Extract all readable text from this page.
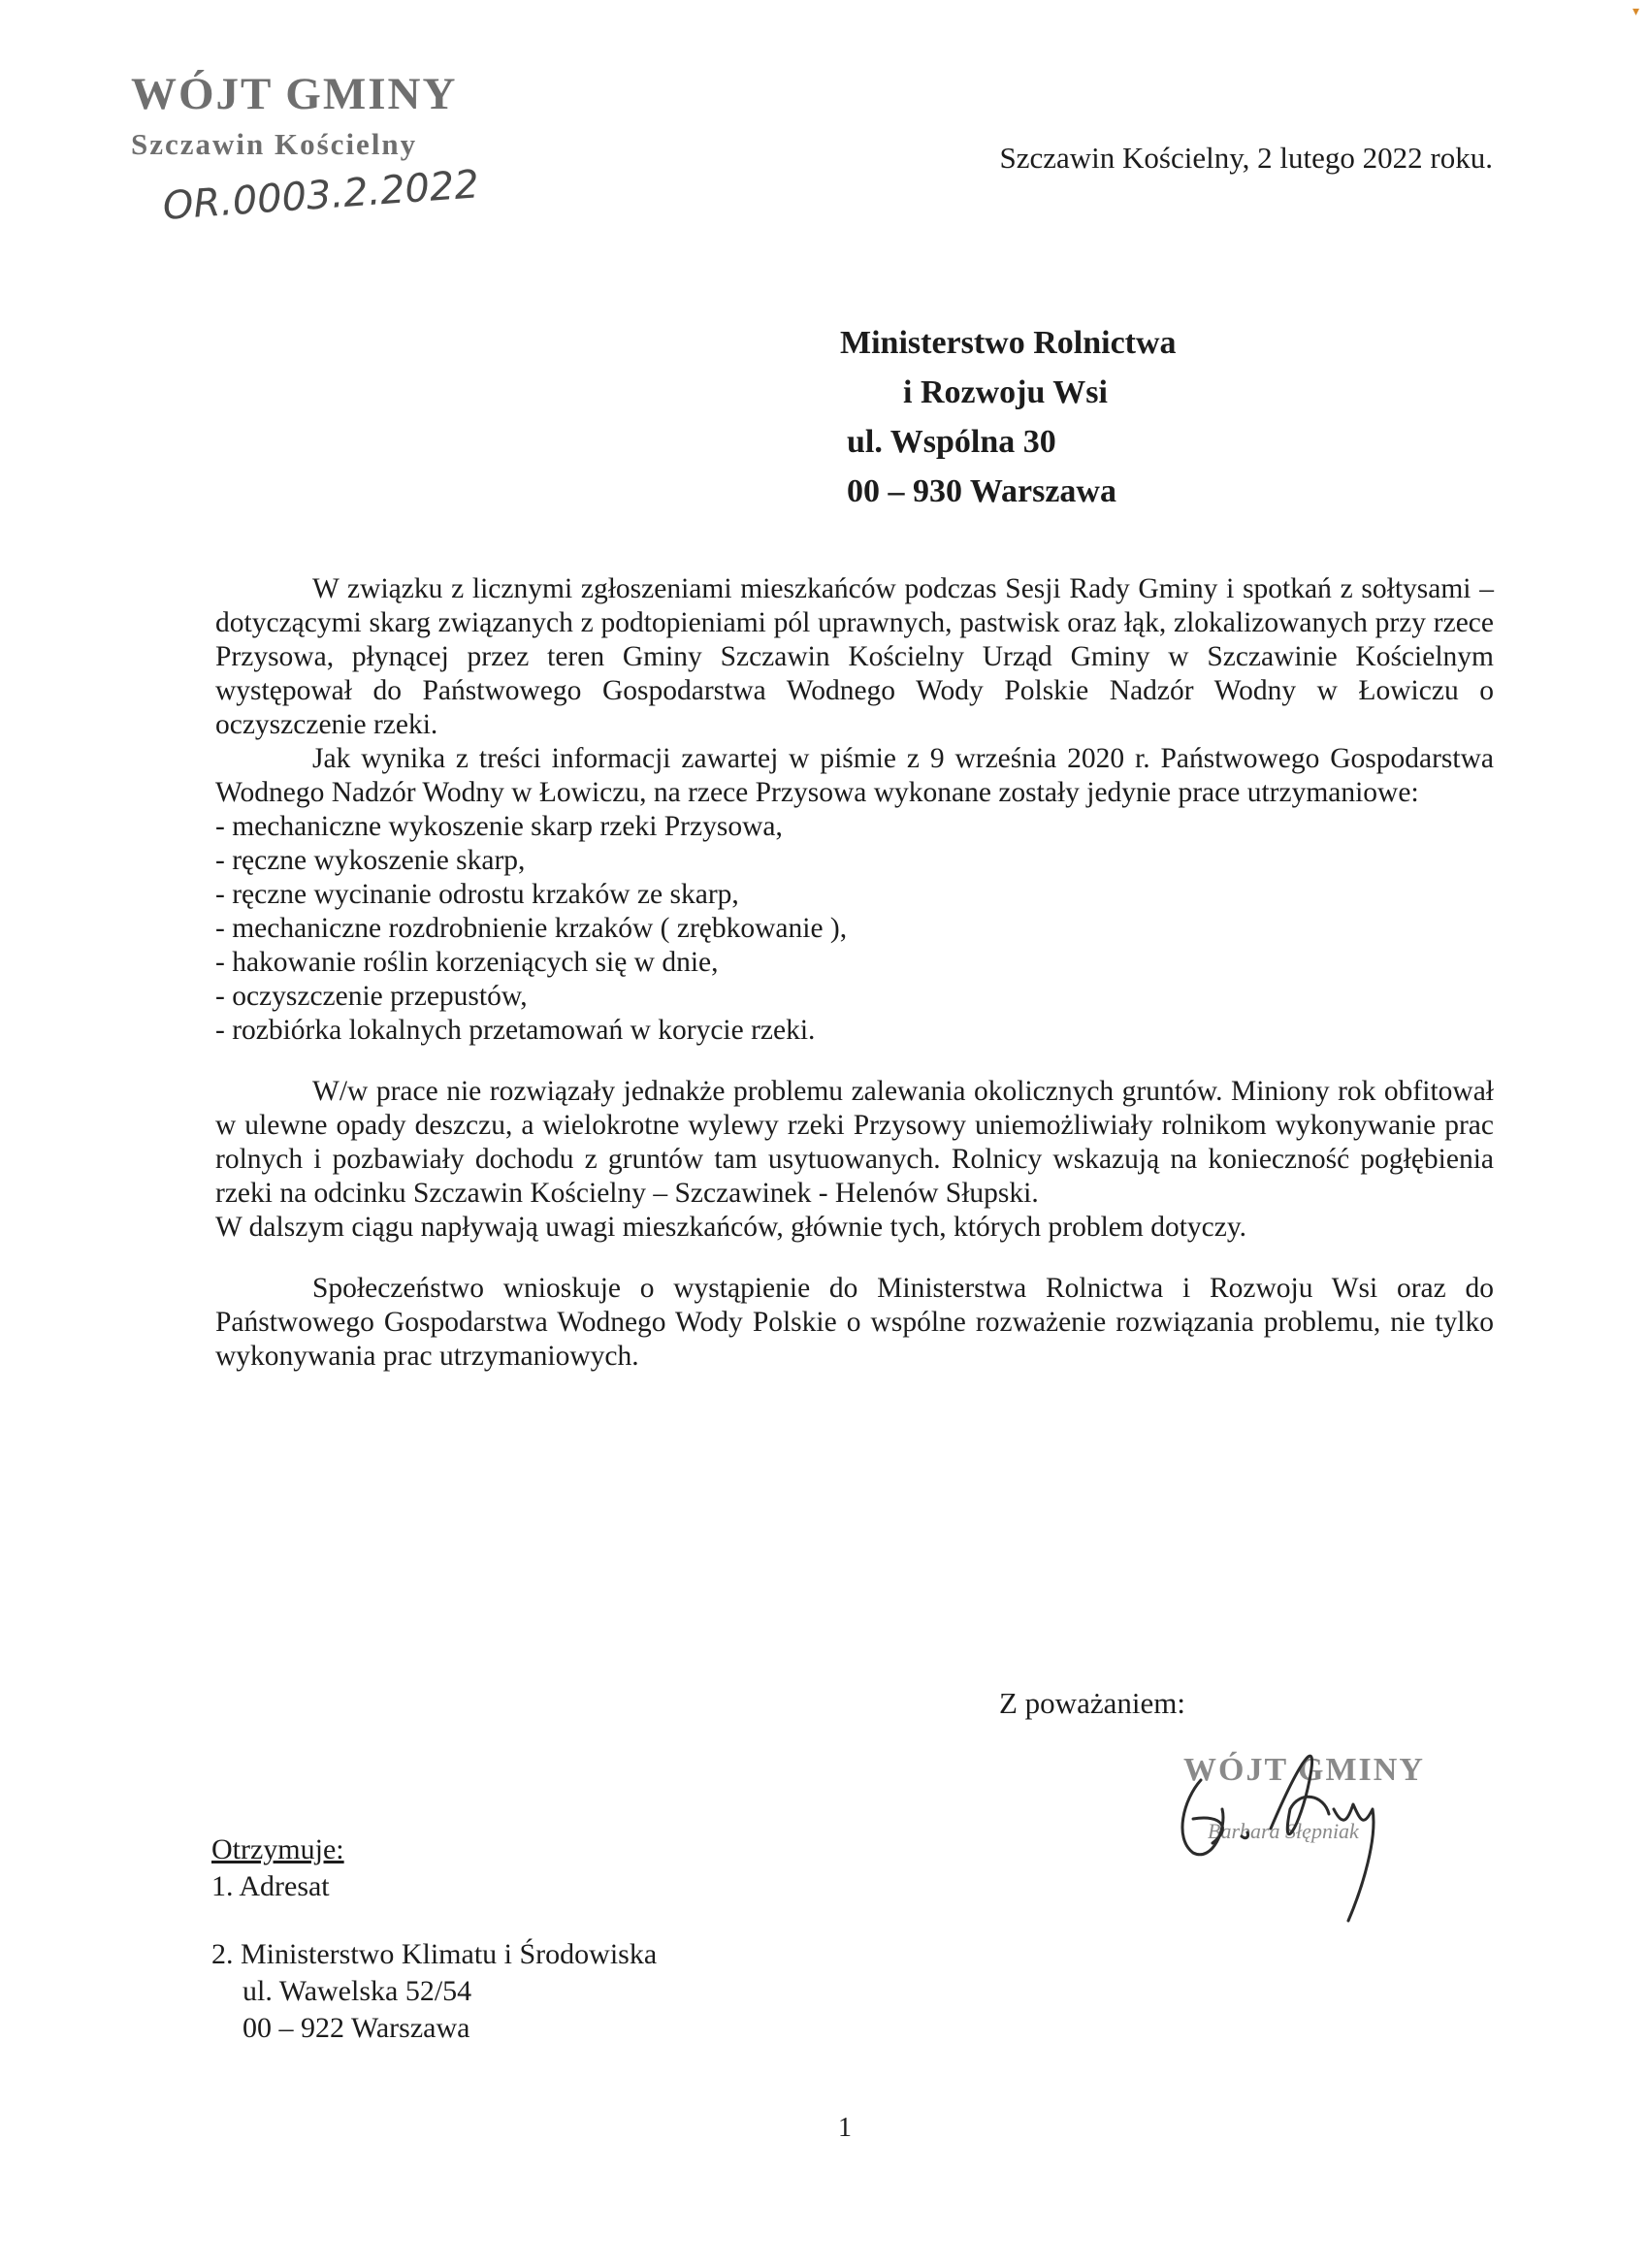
▾
WÓJT GMINY
Szczawin Kościelny
OR.0003.2.2022
Szczawin Kościelny, 2 lutego 2022 roku.
Ministerstwo Rolnictwa
i Rozwoju Wsi
ul. Wspólna 30
00 – 930 Warszawa

W związku z licznymi zgłoszeniami mieszkańców podczas Sesji Rady Gminy i spotkań z sołtysami – dotyczącymi skarg związanych z podtopieniami pól uprawnych, pastwisk oraz łąk, zlokalizowanych przy rzece Przysowa, płynącej przez teren Gminy Szczawin Kościelny Urząd Gminy w Szczawinie Kościelnym występował do Państwowego Gospodarstwa Wodnego Wody Polskie Nadzór Wodny w Łowiczu o oczyszczenie rzeki.

Jak wynika z treści informacji zawartej w piśmie z 9 września 2020 r. Państwowego Gospodarstwa Wodnego Nadzór Wodny w Łowiczu, na rzece Przysowa wykonane zostały jedynie prace utrzymaniowe:

- mechaniczne wykoszenie skarp rzeki Przysowa,
- ręczne wykoszenie skarp,
- ręczne wycinanie odrostu krzaków ze skarp,
- mechaniczne rozdrobnienie krzaków ( zrębkowanie ),
- hakowanie roślin korzeniących się w dnie,
- oczyszczenie przepustów,
- rozbiórka lokalnych przetamowań w korycie rzeki.

W/w prace nie rozwiązały jednakże problemu zalewania okolicznych gruntów. Miniony rok obfitował w ulewne opady deszczu, a wielokrotne wylewy rzeki Przysowy uniemożliwiały rolnikom wykonywanie prac rolnych i pozbawiały dochodu z gruntów tam usytuowanych. Rolnicy wskazują na konieczność pogłębienia rzeki na odcinku Szczawin Kościelny – Szczawinek - Helenów Słupski.

W dalszym ciągu napływają uwagi mieszkańców, głównie tych, których problem dotyczy.

Społeczeństwo wnioskuje o wystąpienie do Ministerstwa Rolnictwa i Rozwoju Wsi oraz do Państwowego Gospodarstwa Wodnego Wody Polskie o wspólne rozważenie rozwiązania problemu, nie tylko wykonywania prac utrzymaniowych.

Z poważaniem:
WÓJT GMINY
Barbara Słępniak
Otrzymuje:
1. Adresat
2. Ministerstwo Klimatu i Środowiska
ul. Wawelska 52/54
00 – 922 Warszawa
1
